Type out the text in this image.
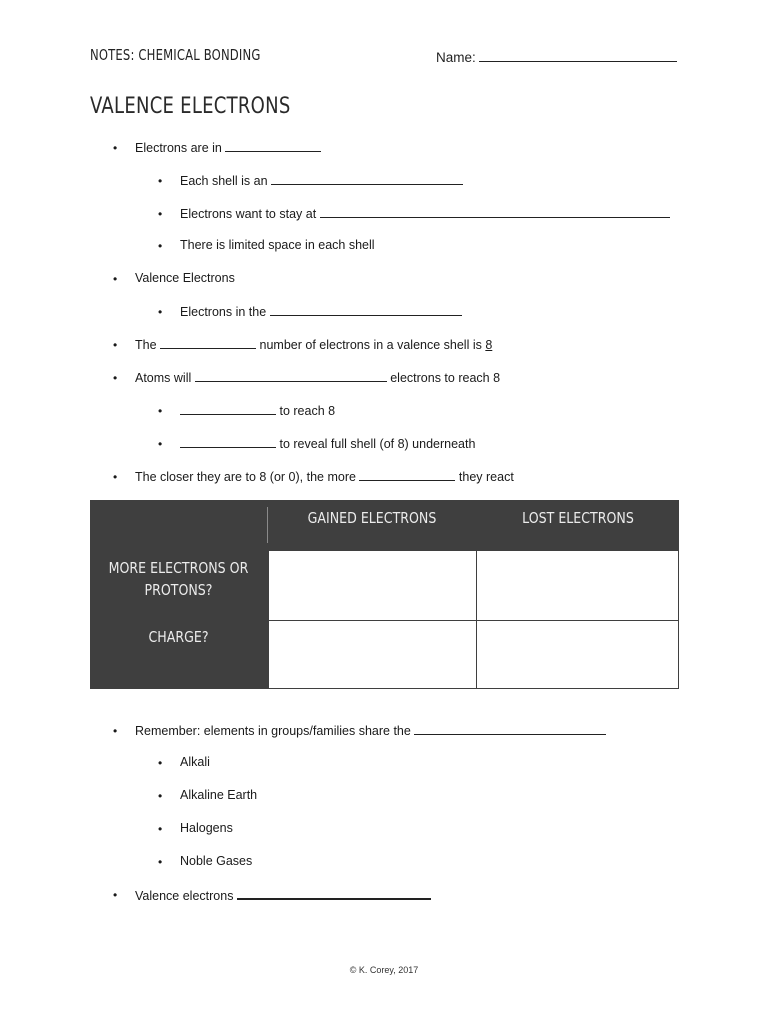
NOTES: CHEMICAL BONDING	Name:
VALENCE ELECTRONS
• Electrons are in
• Each shell is an
• Electrons want to stay at
• There is limited space in each shell
• Valence Electrons
• Electrons in the
• The	number of electrons in a valence shell is 8
• Atoms will	electrons to reach 8
•	to reach 8
•	to reveal full shell (of 8) underneath
• The closer they are to 8 (or 0), the more	they react
GAINED ELECTRONS	LOST ELECTRONS
MORE ELECTRONS OR
PROTONS?
CHARGE?
• Remember: elements in groups/families share the
• Alkali
• Alkaline Earth
• Halogens
• Noble Gases
• Valence electrons
© K. Corey, 2017
